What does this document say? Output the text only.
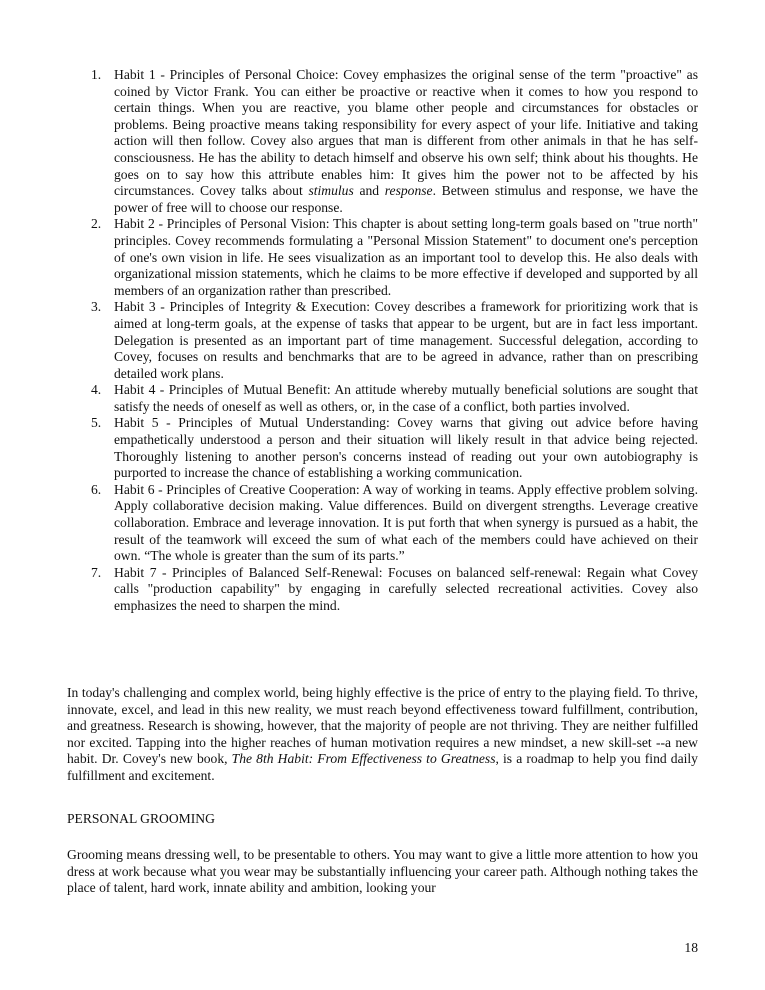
1. Habit 1 - Principles of Personal Choice: Covey emphasizes the original sense of the term "proactive" as coined by Victor Frank. You can either be proactive or reactive when it comes to how you respond to certain things. When you are reactive, you blame other people and circumstances for obstacles or problems. Being proactive means taking responsibility for every aspect of your life. Initiative and taking action will then follow. Covey also argues that man is different from other animals in that he has self-consciousness. He has the ability to detach himself and observe his own self; think about his thoughts. He goes on to say how this attribute enables him: It gives him the power not to be affected by his circumstances. Covey talks about stimulus and response. Between stimulus and response, we have the power of free will to choose our response.
2. Habit 2 - Principles of Personal Vision: This chapter is about setting long-term goals based on "true north" principles. Covey recommends formulating a "Personal Mission Statement" to document one's perception of one's own vision in life. He sees visualization as an important tool to develop this. He also deals with organizational mission statements, which he claims to be more effective if developed and supported by all members of an organization rather than prescribed.
3. Habit 3 - Principles of Integrity & Execution: Covey describes a framework for prioritizing work that is aimed at long-term goals, at the expense of tasks that appear to be urgent, but are in fact less important. Delegation is presented as an important part of time management. Successful delegation, according to Covey, focuses on results and benchmarks that are to be agreed in advance, rather than on prescribing detailed work plans.
4. Habit 4 - Principles of Mutual Benefit: An attitude whereby mutually beneficial solutions are sought that satisfy the needs of oneself as well as others, or, in the case of a conflict, both parties involved.
5. Habit 5 - Principles of Mutual Understanding: Covey warns that giving out advice before having empathetically understood a person and their situation will likely result in that advice being rejected. Thoroughly listening to another person's concerns instead of reading out your own autobiography is purported to increase the chance of establishing a working communication.
6. Habit 6 - Principles of Creative Cooperation: A way of working in teams. Apply effective problem solving. Apply collaborative decision making. Value differences. Build on divergent strengths. Leverage creative collaboration. Embrace and leverage innovation. It is put forth that when synergy is pursued as a habit, the result of the teamwork will exceed the sum of what each of the members could have achieved on their own. “The whole is greater than the sum of its parts.”
7. Habit 7 - Principles of Balanced Self-Renewal: Focuses on balanced self-renewal: Regain what Covey calls "production capability" by engaging in carefully selected recreational activities. Covey also emphasizes the need to sharpen the mind.

In today's challenging and complex world, being highly effective is the price of entry to the playing field. To thrive, innovate, excel, and lead in this new reality, we must reach beyond effectiveness toward fulfillment, contribution, and greatness. Research is showing, however, that the majority of people are not thriving. They are neither fulfilled nor excited. Tapping into the higher reaches of human motivation requires a new mindset, a new skill-set --a new habit. Dr. Covey's new book, The 8th Habit: From Effectiveness to Greatness, is a roadmap to help you find daily fulfillment and excitement.

PERSONAL GROOMING

Grooming means dressing well, to be presentable to others. You may want to give a little more attention to how you dress at work because what you wear may be substantially influencing your career path. Although nothing takes the place of talent, hard work, innate ability and ambition, looking your

18
